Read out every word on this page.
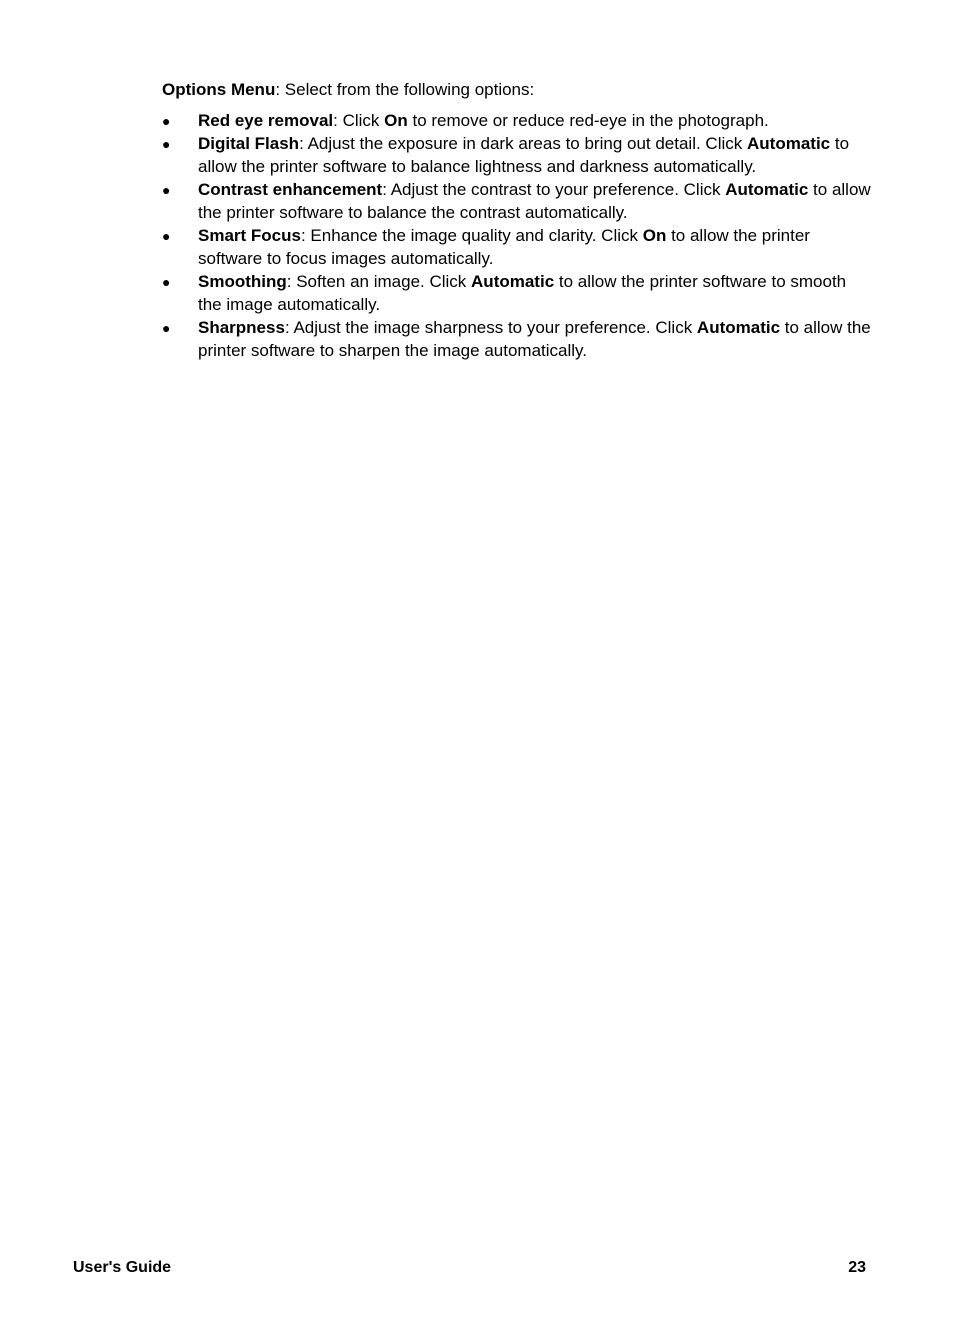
Options Menu: Select from the following options:

● Red eye removal: Click On to remove or reduce red-eye in the photograph.
● Digital Flash: Adjust the exposure in dark areas to bring out detail. Click Automatic to allow the printer software to balance lightness and darkness automatically.
● Contrast enhancement: Adjust the contrast to your preference. Click Automatic to allow the printer software to balance the contrast automatically.
● Smart Focus: Enhance the image quality and clarity. Click On to allow the printer software to focus images automatically.
● Smoothing: Soften an image. Click Automatic to allow the printer software to smooth the image automatically.
● Sharpness: Adjust the image sharpness to your preference. Click Automatic to allow the printer software to sharpen the image automatically.
User's Guide	23
